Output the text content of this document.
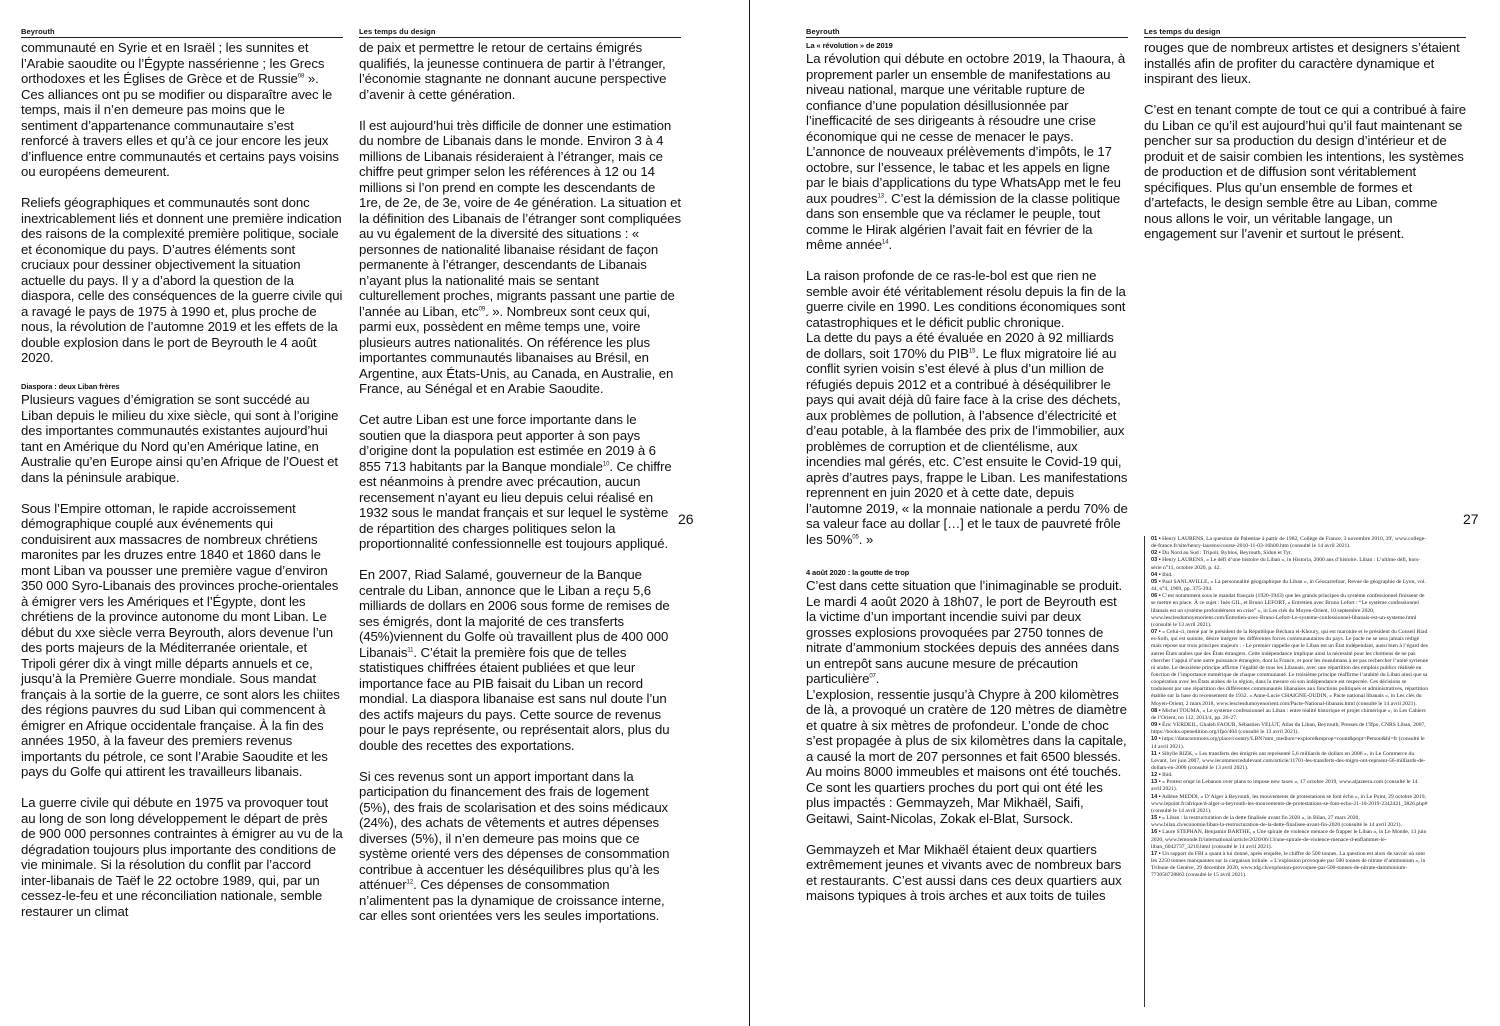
Beyrouth	Les temps du design

communauté en Syrie et en Israël ; les sunnites et l’Arabie saoudite ou l’Égypte nassérienne ; les Grecs orthodoxes et les Églises de Grèce et de Russie$^{08}$ ». Ces alliances ont pu se modifier ou disparaître avec le temps, mais il n’en demeure pas moins que le sentiment d’appartenance communautaire s’est renforcé à travers elles et qu’à ce jour encore les jeux d’influence entre communautés et certains pays voisins ou européens demeurent.

Reliefs géographiques et communautés sont donc inextricablement liés et donnent une première indication des raisons de la complexité première politique, sociale et économique du pays. D’autres éléments sont cruciaux pour dessiner objectivement la situation actuelle du pays. Il y a d’abord la question de la diaspora, celle des conséquences de la guerre civile qui a ravagé le pays de 1975 à 1990 et, plus proche de nous, la révolution de l’automne 2019 et les effets de la double explosion dans le port de Beyrouth le 4 août 2020.

Diaspora : deux Liban frères

Plusieurs vagues d’émigration se sont succédé au Liban depuis le milieu du xixe siècle, qui sont à l’origine des importantes communautés existantes aujourd’hui tant en Amérique du Nord qu’en Amérique latine, en Australie qu’en Europe ainsi qu’en Afrique de l’Ouest et dans la péninsule arabique.

Sous l’Empire ottoman, le rapide accroissement démographique couplé aux événements qui conduisirent aux massacres de nombreux chrétiens maronites par les druzes entre 1840 et 1860 dans le mont Liban va pousser une première vague d’environ 350 000 Syro-Libanais des provinces proche-orientales à émigrer vers les Amériques et l’Égypte, dont les chrétiens de la province autonome du mont Liban. Le début du xxe siècle verra Beyrouth, alors devenue l’un des ports majeurs de la Méditerranée orientale, et Tripoli gérer dix à vingt mille départs annuels et ce, jusqu’à la Première Guerre mondiale. Sous mandat français à la sortie de la guerre, ce sont alors les chiites des régions pauvres du sud Liban qui commencent à émigrer en Afrique occidentale française. À la fin des années 1950, à la faveur des premiers revenus importants du pétrole, ce sont l’Arabie Saoudite et les pays du Golfe qui attirent les travailleurs libanais.

La guerre civile qui débute en 1975 va provoquer tout au long de son long développement le départ de près de 900 000 personnes contraintes à émigrer au vu de la dégradation toujours plus importante des conditions de vie minimale. Si la résolution du conflit par l’accord inter-libanais de Taëf le 22 octobre 1989, qui, par un cessez-le-feu et une réconciliation nationale, semble restaurer un climat

de paix et permettre le retour de certains émigrés qualifiés, la jeunesse continuera de partir à l’étranger, l’économie stagnante ne donnant aucune perspective d’avenir à cette génération.

Il est aujourd’hui très difficile de donner une estimation du nombre de Libanais dans le monde. Environ 3 à 4 millions de Libanais résideraient à l’étranger, mais ce chiffre peut grimper selon les références à 12 ou 14 millions si l’on prend en compte les descendants de 1re, de 2e, de 3e, voire de 4e génération. La situation et la définition des Libanais de l’étranger sont compliquées au vu également de la diversité des situations : « personnes de nationalité libanaise résidant de façon permanente à l’étranger, descendants de Libanais n’ayant plus la nationalité mais se sentant culturellement proches, migrants passant une partie de l’année au Liban, etc$^{09}$. ». Nombreux sont ceux qui, parmi eux, possèdent en même temps une, voire plusieurs autres nationalités. On référence les plus importantes communautés libanaises au Brésil, en Argentine, aux États-Unis, au Canada, en Australie, en France, au Sénégal et en Arabie Saoudite.

Cet autre Liban est une force importante dans le soutien que la diaspora peut apporter à son pays d’origine dont la population est estimée en 2019 à 6 855 713 habitants par la Banque mondiale$^{10}$. Ce chiffre est néanmoins à prendre avec précaution, aucun recensement n’ayant eu lieu depuis celui réalisé en 1932 sous le mandat français et sur lequel le système de répartition des charges politiques selon la proportionnalité confessionnelle est toujours appliqué.

En 2007, Riad Salamé, gouverneur de la Banque centrale du Liban, annonce que le Liban a reçu 5,6 milliards de dollars en 2006 sous forme de remises de ses émigrés, dont la majorité de ces transferts (45%)viennent du Golfe où travaillent plus de 400 000 Libanais$^{11}$. C’était la première fois que de telles statistiques chiffrées étaient publiées et que leur importance face au PIB faisait du Liban un record mondial. La diaspora libanaise est sans nul doute l’un des actifs majeurs du pays. Cette source de revenus pour le pays représente, ou représentait alors, plus du double des recettes des exportations.

Si ces revenus sont un apport important dans la participation du financement des frais de logement (5%), des frais de scolarisation et des soins médicaux (24%), des achats de vêtements et autres dépenses diverses (5%), il n’en demeure pas moins que ce système orienté vers des dépenses de consommation contribue à accentuer les déséquilibres plus qu’à les atténuer$^{12}$. Ces dépenses de consommation n’alimentent pas la dynamique de croissance interne, car elles sont orientées vers les seules importations.

26
Beyrouth	Les temps du design
La « révolution » de 2019

La révolution qui débute en octobre 2019, la Thaoura, à proprement parler un ensemble de manifestations au niveau national, marque une véritable rupture de confiance d’une population désillusionnée par l’inefficacité de ses dirigeants à résoudre une crise économique qui ne cesse de menacer le pays. L’annonce de nouveaux prélèvements d’impôts, le 17 octobre, sur l’essence, le tabac et les appels en ligne par le biais d’applications du type WhatsApp met le feu aux poudres$^{13}$. C’est la démission de la classe politique dans son ensemble que va réclamer le peuple, tout comme le Hirak algérien l’avait fait en février de la même année$^{14}$.

La raison profonde de ce ras-le-bol est que rien ne semble avoir été véritablement résolu depuis la fin de la guerre civile en 1990. Les conditions économiques sont catastrophiques et le déficit public chronique.

La dette du pays a été évaluée en 2020 à 92 milliards de dollars, soit 170% du PIB$^{15}$. Le flux migratoire lié au conflit syrien voisin s’est élevé à plus d’un million de réfugiés depuis 2012 et a contribué à déséquilibrer le pays qui avait déjà dû faire face à la crise des déchets, aux problèmes de pollution, à l’absence d’électricité et d’eau potable, à la flambée des prix de l’immobilier, aux problèmes de corruption et de clientélisme, aux incendies mal gérés, etc. C’est ensuite le Covid-19 qui, après d’autres pays, frappe le Liban. Les manifestations reprennent en juin 2020 et à cette date, depuis l’automne 2019, « la monnaie nationale a perdu 70% de sa valeur face au dollar […] et le taux de pauvreté frôle les 50%$^{05}$. »

4 août 2020 : la goutte de trop

C’est dans cette situation que l’inimaginable se produit. Le mardi 4 août 2020 à 18h07, le port de Beyrouth est la victime d’un important incendie suivi par deux grosses explosions provoquées par 2750 tonnes de nitrate d’ammonium stockées depuis des années dans un entrepôt sans aucune mesure de précaution particulière$^{07}$.

L’explosion, ressentie jusqu’à Chypre à 200 kilomètres de là, a provoqué un cratère de 120 mètres de diamètre et quatre à six mètres de profondeur. L’onde de choc s’est propagée à plus de six kilomètres dans la capitale, a causé la mort de 207 personnes et fait 6500 blessés. Au moins 8000 immeubles et maisons ont été touchés. Ce sont les quartiers proches du port qui ont été les plus impactés : Gemmayzeh, Mar Mikhaël, Saifi, Geitawi, Saint-Nicolas, Zokak el-Blat, Sursock.

Gemmayzeh et Mar Mikhaël étaient deux quartiers extrêmement jeunes et vivants avec de nombreux bars et restaurants. C’est aussi dans ces deux quartiers aux maisons typiques à trois arches et aux toits de tuiles

rouges que de nombreux artistes et designers s’étaient installés afin de profiter du caractère dynamique et inspirant des lieux.

C’est en tenant compte de tout ce qui a contribué à faire du Liban ce qu’il est aujourd’hui qu’il faut maintenant se pencher sur sa production du design d’intérieur et de produit et de saisir combien les intentions, les systèmes de production et de diffusion sont véritablement spécifiques. Plus qu’un ensemble de formes et d’artefacts, le design semble être au Liban, comme nous allons le voir, un véritable langage, un engagement sur l’avenir et surtout le présent.

27

01 • Henry LAURENS, La question de Palestine à partir de 1982, Collège de France, 3 novembre 2010, 39', www.college-de-france.fr/site/henry-laurens/course-2010-11-03-16h00.htm (consulté le 14 avril 2021).

02 • Du Nord au Sud : Tripoli, Byblos, Beyrouth, Sidon et Tyr.

03 • Henry LAURENS, « Le défi d’une histoire du Liban », in Historia, 2000 ans d’histoire. Liban : L’ultime défi, hors-série n°11, octobre 2020, p. 42.

04 • Ibid.

05 • Paul SANLAVILLE, « La personnalité géographique du Liban », in Géocarrefour, Revue de géographie de Lyon, vol. 44, n°4, 1969, pp. 375-394.

06 • C’est notamment sous le mandat français (1920-1943) que les grands principes du système confessionnel finissent de se mettre en place. À ce sujet : Inès GIL, et Bruno LEFORT, « Entretien avec Bruno Lefort : “Le système confessionnel libanais est un système profondément en crise” », in Les clés du Moyen-Orient, 10 septembre 2020, www.lesclesdumoyenorient.com/Entretien-avec-Bruno-Lefort-Le-systeme-confessionnel-libanais-est-un-systeme.html (consulté le 13 avril 2021).

07 • « Celui-ci, mené par le président de la République Béchara el-Khoury, qui est maronite et le président du Conseil Riad es-Solh, qui est sunnite, désire intégrer les différentes forces communautaires du pays. Le pacte ne se sera jamais rédigé mais repose sur trois principes majeurs : - Le premier rappelle que le Liban est un État indépendant, aussi bien à l’égard des autres États arabes que des États étrangers. Cette indépendance implique ainsi la nécessité pour les chrétiens de ne pas chercher l’appui d’une autre puissance étrangère, dont la France, et pour les musulmans à ne pas rechercher l’unité syrienne ni arabe. Le deuxième principe affirme l’égalité de tous les Libanais, avec une répartition des emplois publics réalisée en fonction de l’importance numérique de chaque communauté. Le troisième principe réaffirme l’arabité du Liban ainsi que sa coopération avec les États arabes de la région, dans la mesure où son indépendance est respectée. Ces décisions se traduisent par une répartition des différentes communautés libanaises aux fonctions politiques et administratives, répartition établie sur la base du recensement de 1932. » Anne-Lucie CHAIGNE-OUDIN, « Pacte national libanais », in Les clés du Moyen-Orient, 2 mars 2018, www.lesclesdumoyenorient.com/Pacte-National-libanais.html (consulté le 14 avril 2021).

08 • Michel TOUMA, « Le système confessionnel au Liban : entre réalité historique et projet chimérique », in Les Cahiers de l’Orient, no 112, 2013/4, pp. 26-27.

09 • Éric VERDEIL, Ghaleb FAOUR, Sébastien VELUT, Atlas du Liban, Beyrouth, Presses de l’Ifpo, CNRS Liban, 2007, https://books.openedition.org/ifpo/404 (consulté le 13 avril 2021).

10 • https://datacommons.org/place/country/LBN?utm_medium=explore&mprop=count&popt=Person&hl=fr (consulté le 14 avril 2021).

11 • Sibylle RIZK, « Les transferts des émigrés ont représenté 5,6 milliards de dollars en 2006 », in Le Commerce du Levant, 1er juin 2007, www.lecommercedulevant.com/article/11701-les-transferts-des-migrs-ont-reprsent-56-milliards-de-dollars-en-2006 (consulté le 13 avril 2021).

12 • Ibid.

13 • « Protest erupt in Lebanon over plans to impose new taxes », 17 octobre 2019, www.aljazeera.com (consulté le 14 avril 2021).

14 • Adlène MEDDI, « D’Alger à Beyrouth, les mouvements de protestations se font écho », in Le Point, 29 octobre 2019, www.lepoint.fr/afrique/d-alger-a-beyrouth-les-mouvements-de-protestations-se-font-echo-21-10-2019-2342421_3826.php# (consulté le 14 avril 2021).

15 • « Liban : la restructuration de la dette finalisée avant fin 2020 », in Bilan, 27 mars 2020, www.bilan.ch/economie/liban-la-restructuration-de-la-dette-finalisee-avant-fin-2020 (consulté le 14 avril 2021).

16 • Laure STEPHAN, Benjamin BARTHE, « Une spirale de violence menace de frapper le Liban », in Le Monde, 13 juin 2020, www.lemonde.fr/international/article/2020/06/13/une-spirale-de-violence-menace-d-enflammer-le-liban_6042737_3210.html (consulté le 14 avril 2021).

17 • Un rapport du FBI a quant à lui donné, après enquête, le chiffre de 500 tonnes. La question est alors de savoir où sont les 2250 tonnes manquantes sur la cargaison initiale. « L’explosion provoquée par 500 tonnes de nitrate d’ammonium », in Tribune de Genève, 29 décembre 2020, www.tdg.ch/explosion-provoquee-par-500-tonnes-de-nitrate-dammonium-773058728863 (consulté le 15 avril 2021).
